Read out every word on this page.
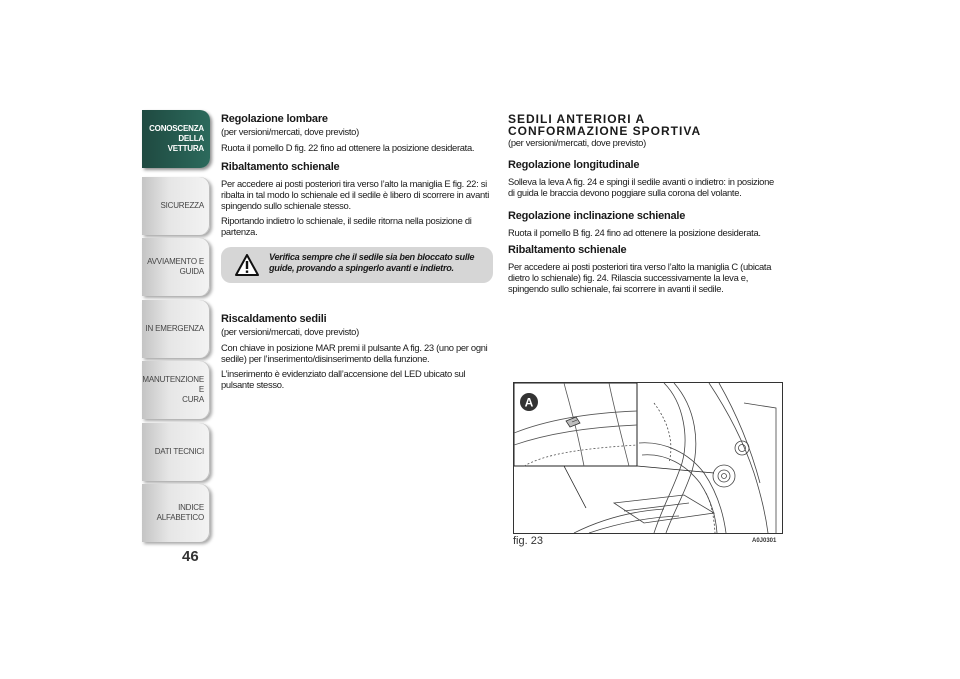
CONOSCENZA
DELLA VETTURA
SICUREZZA
AVVIAMENTO E
GUIDA
IN EMERGENZA
MANUTENZIONE E
CURA
DATI TECNICI
INDICE ALFABETICO
46
Regolazione lombare

(per versioni/mercati, dove previsto)

Ruota il pomello D fig. 22 fino ad ottenere la posizione desiderata.

Ribaltamento schienale

Per accedere ai posti posteriori tira verso l’alto la maniglia E fig. 22: si ribalta in tal modo lo schienale ed il sedile è libero di scorrere in avanti spingendo sullo schienale stesso.

Riportando indietro lo schienale, il sedile ritorna nella posizione di partenza.

Verifica sempre che il sedile sia ben bloccato sulle guide, provando a spingerlo avanti e indietro.

Riscaldamento sedili

(per versioni/mercati, dove previsto)

Con chiave in posizione MAR premi il pulsante A fig. 23 (uno per ogni sedile) per l’inserimento/disinserimento della funzione.

L’inserimento è evidenziato dall’accensione del LED ubicato sul pulsante stesso.

SEDILI ANTERIORI A
CONFORMAZIONE SPORTIVA

(per versioni/mercati, dove previsto)

Regolazione longitudinale

Solleva la leva A fig. 24 e spingi il sedile avanti o indietro: in posizione di guida le braccia devono poggiare sulla corona del volante.

Regolazione inclinazione schienale

Ruota il pomello B fig. 24 fino ad ottenere la posizione desiderata.

Ribaltamento schienale

Per accedere ai posti posteriori tira verso l’alto la maniglia C (ubicata dietro lo schienale) fig. 24. Rilascia successivamente la leva e, spingendo sullo schienale, fai scorrere in avanti il sedile.

A
fig. 23	A0J0301
